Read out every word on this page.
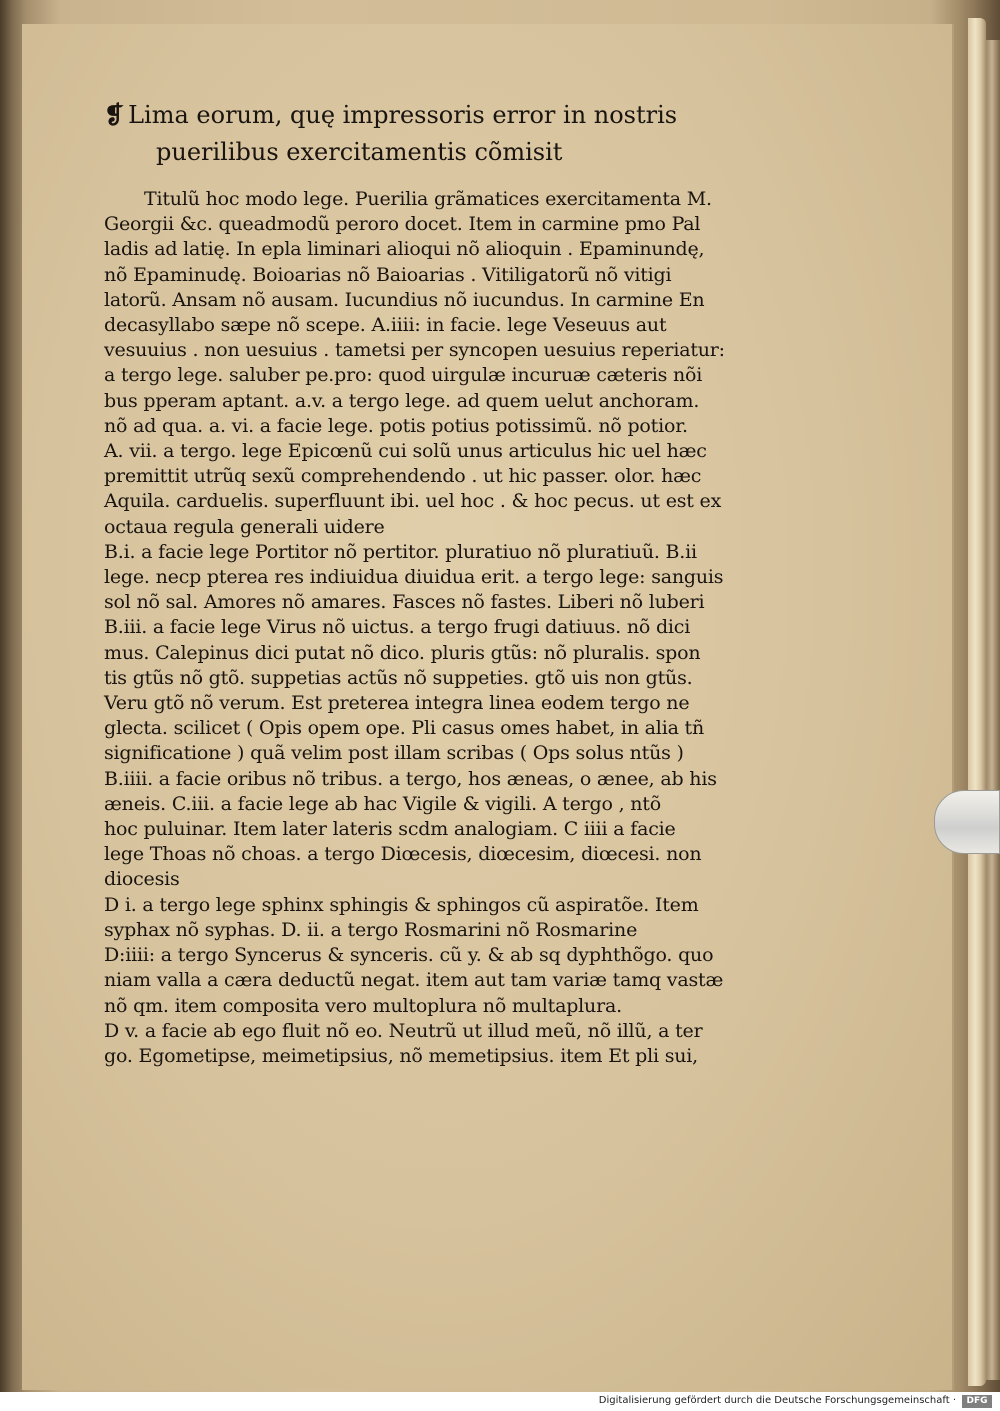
❡ Lima eorum, quę impressoris error in nostris
puerilibus exercitamentis cõmisit
Titulũ hoc modo lege. Puerilia grãmatices exercitamenta M.
Georgii &c. queadmodũ peroro docet. Item in carmine pmo Pal
ladis ad latię. In epla liminari alioqui nõ alioquin . Epaminundę,
nõ Epaminudę. Boioarias nõ Baioarias . Vitiligatorũ nõ vitigi
latorũ. Ansam nõ ausam. Iucundius nõ iucundus. In carmine En
decasyllabo sæpe nõ scepe. A.iiii: in facie. lege Veseuus aut
vesuuius . non uesuius . tametsi per syncopen uesuius reperiatur:
a tergo lege. saluber pe.pro: quod uirgulæ incuruæ cæteris nõi
bus pperam aptant. a.v. a tergo lege. ad quem uelut anchoram.
nõ ad qua. a. vi. a facie lege. potis potius potissimũ. nõ potior.
A. vii. a tergo. lege Epicœnũ cui solũ unus articulus hic uel hæc
premittit utrũq sexũ comprehendendo . ut hic passer. olor. hæc
Aquila. carduelis. superfluunt ibi. uel hoc . & hoc pecus. ut est ex
octaua regula generali uidere
B.i. a facie lege Portitor nõ pertitor. pluratiuo nõ pluratiuũ. B.ii
lege. necp pterea res indiuidua diuidua erit. a tergo lege: sanguis
sol nõ sal. Amores nõ amares. Fasces nõ fastes. Liberi nõ luberi
B.iii. a facie lege Virus nõ uictus. a tergo frugi datiuus. nõ dici
mus. Calepinus dici putat nõ dico. pluris gtũs: nõ pluralis. spon
tis gtũs nõ gtõ. suppetias actũs nõ suppeties. gtõ uis non gtũs.
Veru gtõ nõ verum. Est preterea integra linea eodem tergo ne
glecta. scilicet ( Opis opem ope. Pli casus omes habet, in alia tñ
significatione ) quã velim post illam scribas ( Ops solus ntũs )
B.iiii. a facie oribus nõ tribus. a tergo, hos æneas, o ænee, ab his
æneis. C.iii. a facie lege ab hac Vigile & vigili. A tergo , ntõ
hoc puluinar. Item later lateris scdm analogiam. C iiii a facie
lege Thoas nõ choas. a tergo Diœcesis, diœcesim, diœcesi. non
diocesis
D i. a tergo lege sphinx sphingis & sphingos cũ aspiratõe. Item
syphax nõ syphas. D. ii. a tergo Rosmarini nõ Rosmarine
D:iiii: a tergo Syncerus & synceris. cũ y. & ab sq dyphthõgo. quo
niam valla a cæra deductũ negat. item aut tam variæ tamq vastæ
nõ qm. item composita vero multoplura nõ multaplura.
D v. a facie ab ego fluit nõ eo. Neutrũ ut illud meũ, nõ illũ, a ter
go. Egometipse, meimetipsius, nõ memetipsius. item Et pli sui,
Digitalisierung gefördert durch die Deutsche Forschungsgemeinschaft ·	DFG
